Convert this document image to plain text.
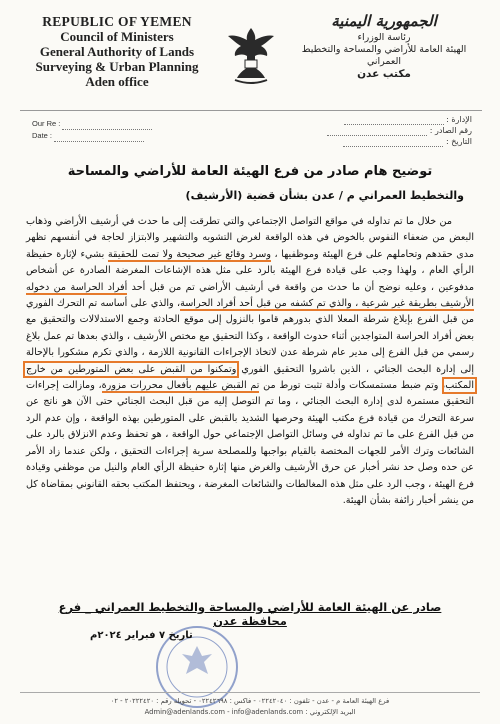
REPUBLIC OF YEMEN
Council of Ministers
General Authority of Lands
Surveying & Urban Planning
Aden office
الجمهورية اليمنية
رئاسة الوزراء
الهيئة العامة للأراضي والمساحة والتخطيط العمراني
مكتب عدن
Our Re :
Date :
الإدارة :
رقم الصادر :
التاريخ :
توضيح هام صادر من فرع الهيئة العامة للأراضي والمساحة
والتخطيط العمراني م / عدن بشأن قضية (الأرشيف)

من خلال ما تم تداوله في مواقع التواصل الإجتماعي والتي تطرقت إلى ما حدث في أرشيف الأراضي وذهاب البعض من ضعفاء النفوس بالخوض في هذه الواقعة لغرض التشويه والتشهير والابتزاز لحاجة في أنفسهم تظهر مدى حقدهم وتحاملهم على فرع الهيئة وموظفيها ، وسرد وقائع غير صحيحة ولا تمت للحقيقة بشيء لإثارة حفيظة الرأي العام ، ولهذا وجب على قيادة فرع الهيئة بالرد على مثل هذه الإشاعات المغرضة الصادرة عن أشخاص مدفوعين ، وعليه نوضح أن ما حدث من واقعة في أرشيف الأراضي تم من قبل أحد أفراد الحراسة من دخوله الأرشيف بطريقة غير شرعية ، والذي تم كشفه من قبل أحد أفراد الحراسة، والذي على أساسه تم التحرك الفوري من قبل الفرع بإبلاغ شرطة المعلا الذي بدورهم قاموا بالنزول إلى موقع الحادثة وجمع الاستدلالات والتحقيق مع بعض أفراد الحراسة المتواجدين أثناء حدوث الواقعة ، وكذا التحقيق مع مختص الأرشيف ، والذي بعدها تم عمل بلاغ رسمي من قبل الفرع إلى مدير عام شرطة عدن لاتخاذ الإجراءات القانونية اللازمة ، والذي تكرم مشكورا بالإحالة إلى إدارة البحث الجنائي ، الذين باشروا التحقيق الفوري وتمكنوا من القبض على بعض المتورطين من خارج المكتب، وتم ضبط مستمسكات وأدلة تثبت تورط من تم القبض عليهم بأفعال محررات مزورة، ومازالت إجراءات التحقيق مستمرة لدى إدارة البحث الجنائي ، وما تم التوصل إليه من قبل البحث الجنائي حتى الآن هو ناتج عن سرعة التحرك من قيادة فرع مكتب الهيئة وحرصها الشديد بالقبض على المتورطين بهذه الواقعة ، وإن عدم الرد من قبل الفرع على ما تم تداوله في وسائل التواصل الإجتماعي حول الواقعة ، هو تحفظ وعدم الانزلاق بالرد على الشائعات وترك الأمر للجهات المختصة بالقيام بواجبها وللمصلحة سرية إجراءات التحقيق ، ولكن عندما زاد الأمر عن حده وصل حد نشر أخبار عن حرق الأرشيف والغرض منها إثارة حفيظة الرأي العام والنيل من موظفي وقيادة فرع الهيئة ، وجب الرد على مثل هذه المغالطات والشائعات المغرضة ، ويحتفظ المكتب بحقه القانوني بمقاضاة كل من ينشر أخبار زائفة بشأن الهيئة.

صادر عن الهيئة العامة للأراضي والمساحة والتخطيط العمراني _ فرع محافظة عدن
تاريخ ٧ فبراير ٢٠٢٤م
فرع الهيئة العامة م - عدن - تلفون : ٠٢٢٤٢٠٤٠ - فاكس : ٠٢٢٤٢٦٩٨ - تحويلة رقم : ٢٠٢٢٢٤٢٠ - ٠٢
البريد الإلكتروني : Admin@adenlands.com - info@adenlands.com
